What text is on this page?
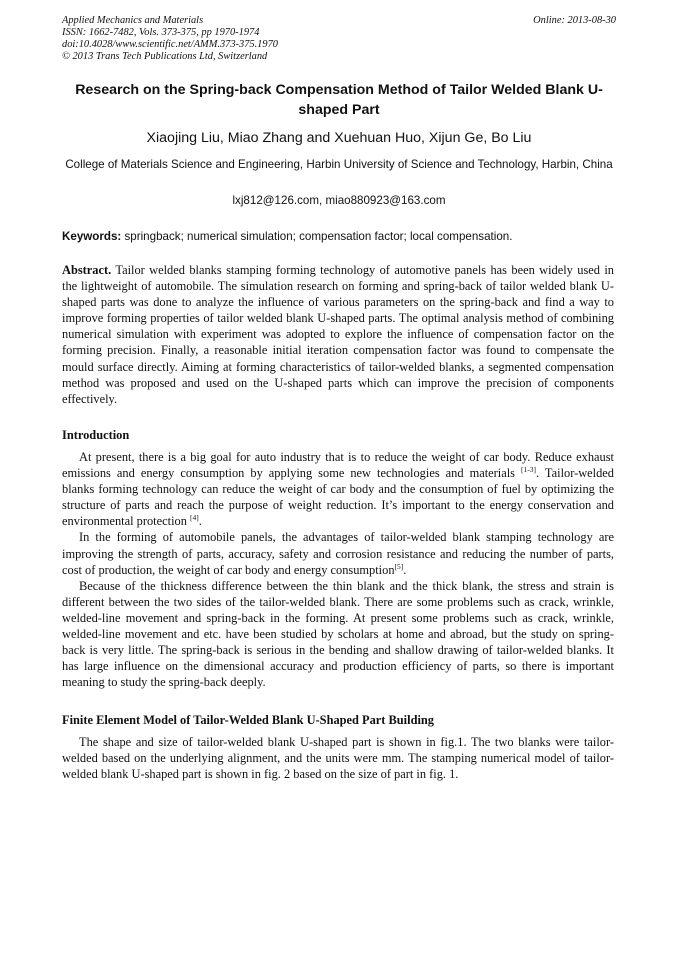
Applied Mechanics and Materials
ISSN: 1662-7482, Vols. 373-375, pp 1970-1974
doi:10.4028/www.scientific.net/AMM.373-375.1970
© 2013 Trans Tech Publications Ltd, Switzerland
Online: 2013-08-30
Research on the Spring-back Compensation Method of Tailor Welded Blank U-shaped Part

Xiaojing Liu, Miao Zhang and Xuehuan Huo, Xijun Ge, Bo Liu

College of Materials Science and Engineering, Harbin University of Science and Technology, Harbin, China

lxj812@126.com, miao880923@163.com

Keywords: springback; numerical simulation; compensation factor; local compensation.

Abstract. Tailor welded blanks stamping forming technology of automotive panels has been widely used in the lightweight of automobile. The simulation research on forming and spring-back of tailor welded blank U-shaped parts was done to analyze the influence of various parameters on the spring-back and find a way to improve forming properties of tailor welded blank U-shaped parts. The optimal analysis method of combining numerical simulation with experiment was adopted to explore the influence of compensation factor on the forming precision. Finally, a reasonable initial iteration compensation factor was found to compensate the mould surface directly. Aiming at forming characteristics of tailor-welded blanks, a segmented compensation method was proposed and used on the U-shaped parts which can improve the precision of components effectively.

Introduction

At present, there is a big goal for auto industry that is to reduce the weight of car body. Reduce exhaust emissions and energy consumption by applying some new technologies and materials [1-3]. Tailor-welded blanks forming technology can reduce the weight of car body and the consumption of fuel by optimizing the structure of parts and reach the purpose of weight reduction. It’s important to the energy conservation and environmental protection [4].

In the forming of automobile panels, the advantages of tailor-welded blank stamping technology are improving the strength of parts, accuracy, safety and corrosion resistance and reducing the number of parts, cost of production, the weight of car body and energy consumption[5].

Because of the thickness difference between the thin blank and the thick blank, the stress and strain is different between the two sides of the tailor-welded blank. There are some problems such as crack, wrinkle, welded-line movement and spring-back in the forming. At present some problems such as crack, wrinkle, welded-line movement and etc. have been studied by scholars at home and abroad, but the study on spring-back is very little. The spring-back is serious in the bending and shallow drawing of tailor-welded blanks. It has large influence on the dimensional accuracy and production efficiency of parts, so there is important meaning to study the spring-back deeply.

Finite Element Model of Tailor-Welded Blank U-Shaped Part Building

The shape and size of tailor-welded blank U-shaped part is shown in fig.1. The two blanks were tailor-welded based on the underlying alignment, and the units were mm. The stamping numerical model of tailor-welded blank U-shaped part is shown in fig. 2 based on the size of part in fig. 1.
